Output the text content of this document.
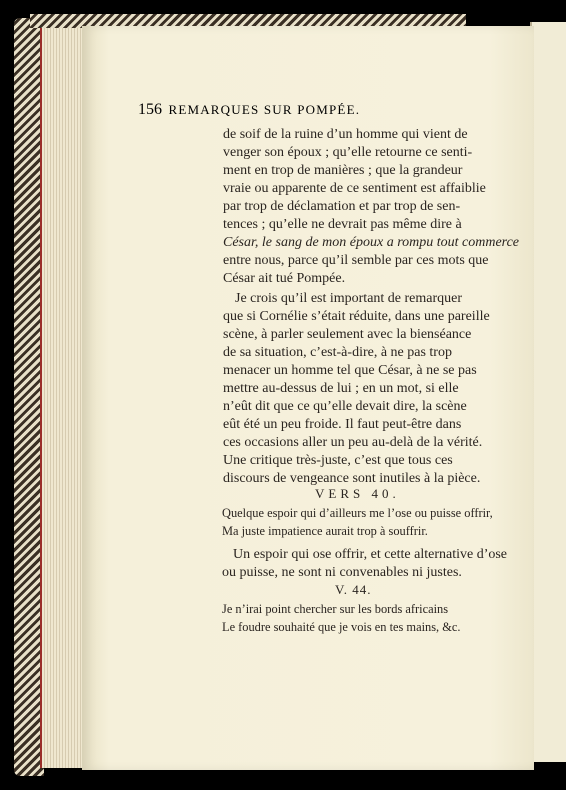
156 REMARQUES SUR POMPÉE.
de soif de la ruine d’un homme qui vient de
venger son époux ; qu’elle retourne ce senti-
ment en trop de manières ; que la grandeur
vraie ou apparente de ce sentiment est affaiblie
par trop de déclamation et par trop de sen-
tences ; qu’elle ne devrait pas même dire à
César, le sang de mon époux a rompu tout commerce
entre nous, parce qu’il semble par ces mots que
César ait tué Pompée.
Je crois qu’il est important de remarquer
que si Cornélie s’était réduite, dans une pareille
scène, à parler seulement avec la bienséance
de sa situation, c’est-à-dire, à ne pas trop
menacer un homme tel que César, à ne se pas
mettre au-dessus de lui ; en un mot, si elle
n’eût dit que ce qu’elle devait dire, la scène
eût été un peu froide. Il faut peut-être dans
ces occasions aller un peu au-delà de la vérité.
Une critique très-juste, c’est que tous ces
discours de vengeance sont inutiles à la pièce.
VERS 40.
Quelque espoir qui d’ailleurs me l’ose ou puisse offrir,
Ma juste impatience aurait trop à souffrir.
Un espoir qui ose offrir, et cette alternative d’ose
ou puisse, ne sont ni convenables ni justes.
V. 44.
Je n’irai point chercher sur les bords africains
Le foudre souhaité que je vois en tes mains, &c.
